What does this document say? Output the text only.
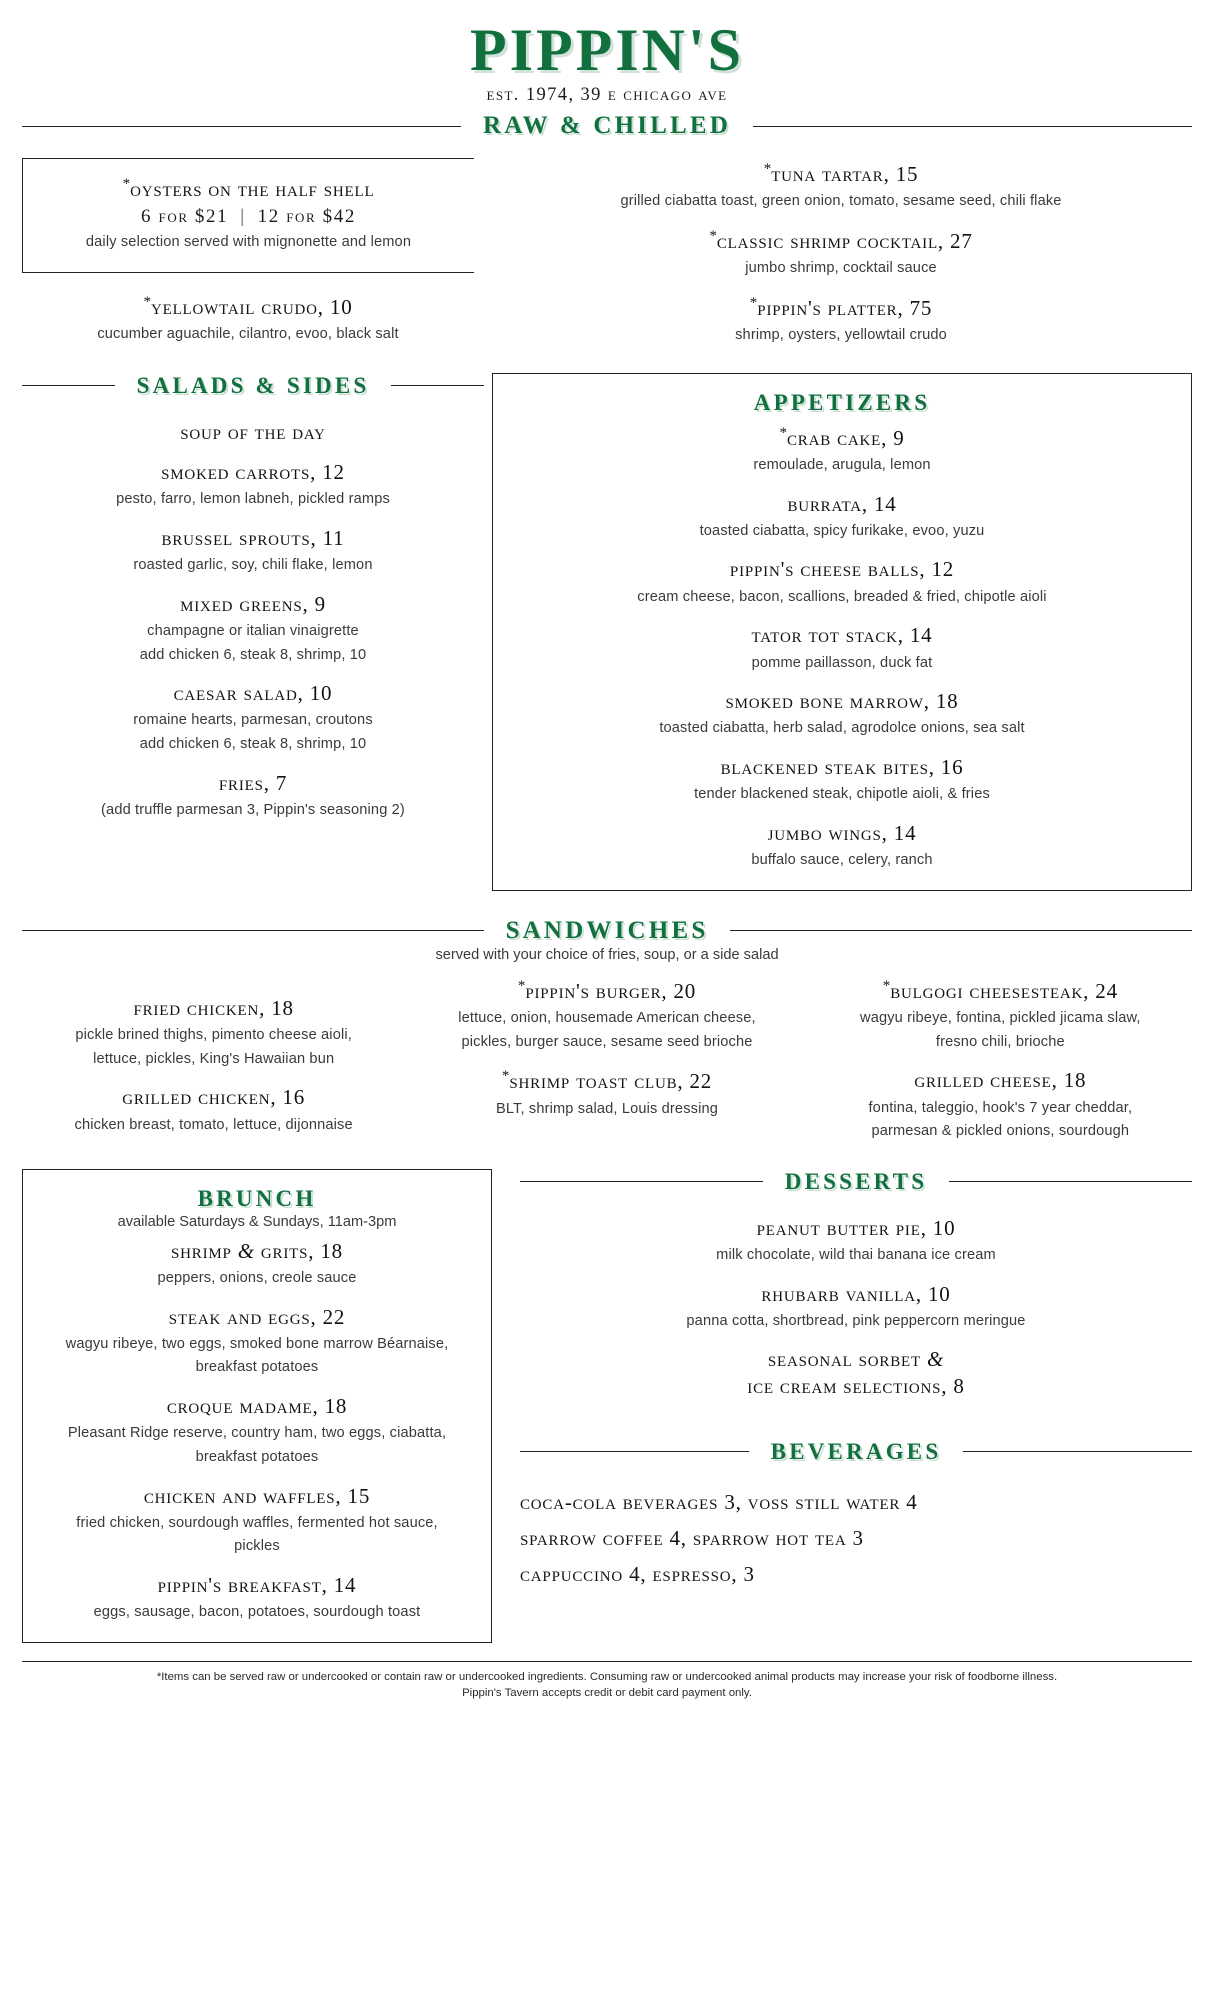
PIPPIN'S
est. 1974, 39 e chicago ave
RAW & CHILLED
*oysters on the half shell
6 for $21 | 12 for $42
daily selection served with mignonette and lemon
*yellowtail crudo, 10
cucumber aguachile, cilantro, evoo, black salt
*tuna tartar, 15
grilled ciabatta toast, green onion, tomato, sesame seed, chili flake
*classic shrimp cocktail, 27
jumbo shrimp, cocktail sauce
*pippin's platter, 75
shrimp, oysters, yellowtail crudo
SALADS & SIDES
soup of the day
smoked carrots, 12
pesto, farro, lemon labneh, pickled ramps
brussel sprouts, 11
roasted garlic, soy, chili flake, lemon
mixed greens, 9
champagne or italian vinaigrette
add chicken 6, steak 8, shrimp, 10
caesar salad, 10
romaine hearts, parmesan, croutons
add chicken 6, steak 8, shrimp, 10
fries, 7
(add truffle parmesan 3, Pippin's seasoning 2)
APPETIZERS
*crab cake, 9
remoulade, arugula, lemon
burrata, 14
toasted ciabatta, spicy furikake, evoo, yuzu
pippin's cheese balls, 12
cream cheese, bacon, scallions, breaded & fried, chipotle aioli
tator tot stack, 14
pomme paillasson, duck fat
smoked bone marrow, 18
toasted ciabatta, herb salad, agrodolce onions, sea salt
blackened steak bites, 16
tender blackened steak, chipotle aioli, & fries
jumbo wings, 14
buffalo sauce, celery, ranch
SANDWICHES
served with your choice of fries, soup, or a side salad
fried chicken, 18
pickle brined thighs, pimento cheese aioli,
lettuce, pickles, King's Hawaiian bun
grilled chicken, 16
chicken breast, tomato, lettuce, dijonnaise
*pippin's burger, 20
lettuce, onion, housemade American cheese,
pickles, burger sauce, sesame seed brioche
*shrimp toast club, 22
BLT, shrimp salad, Louis dressing
*bulgogi cheesesteak, 24
wagyu ribeye, fontina, pickled jicama slaw,
fresno chili, brioche
grilled cheese, 18
fontina, taleggio, hook's 7 year cheddar,
parmesan & pickled onions, sourdough
BRUNCH
available Saturdays & Sundays, 11am-3pm
shrimp & grits, 18
peppers, onions, creole sauce
steak and eggs, 22
wagyu ribeye, two eggs, smoked bone marrow Béarnaise,
breakfast potatoes
croque madame, 18
Pleasant Ridge reserve, country ham, two eggs, ciabatta,
breakfast potatoes
chicken and waffles, 15
fried chicken, sourdough waffles, fermented hot sauce,
pickles
pippin's breakfast, 14
eggs, sausage, bacon, potatoes, sourdough toast
DESSERTS
peanut butter pie, 10
milk chocolate, wild thai banana ice cream
rhubarb vanilla, 10
panna cotta, shortbread, pink peppercorn meringue
seasonal sorbet &
ice cream selections, 8
BEVERAGES
coca-cola beverages 3, voss still water 4
sparrow coffee 4, sparrow hot tea 3
cappuccino 4, espresso, 3
*Items can be served raw or undercooked or contain raw or undercooked ingredients. Consuming raw or undercooked animal products may increase your risk of foodborne illness.
Pippin's Tavern accepts credit or debit card payment only.
